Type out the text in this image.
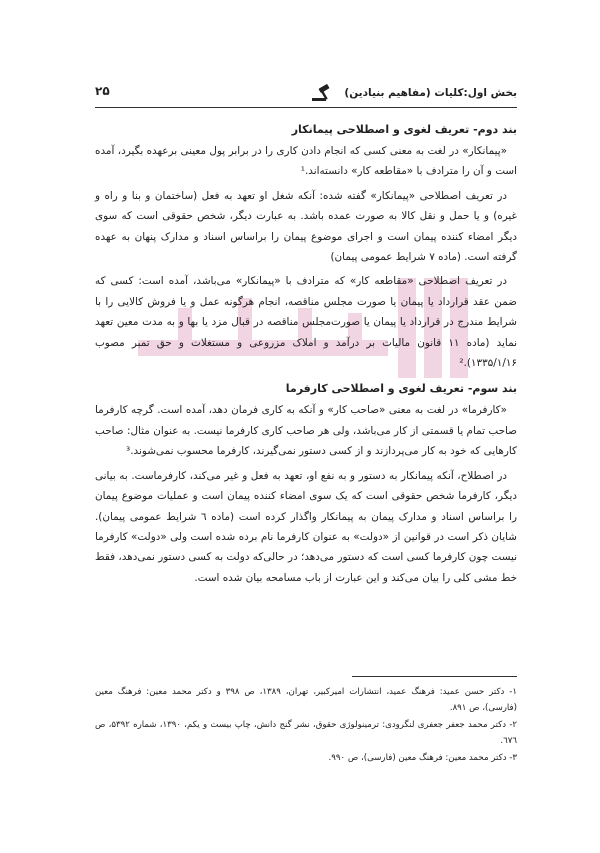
بخش اول:کلیات (مفاهیم بنیادین)
۲۵
بند دوم- تعریف لغوی و اصطلاحی پیمانکار

«پیمانکار» در لغت به معنی کسی که انجام دادن کاری را در برابر پول معینی برعهده بگیرد، آمده است و آن را مترادف با «مقاطعه کار» دانسته‌اند.¹

در تعریف اصطلاحی «پیمانکار» گفته شده: آنکه شغل او تعهد به فعل (ساختمان و بنا و راه و غیره) و یا حمل و نقل کالا به صورت عمده باشد. به عبارت دیگر، شخص حقوقی است که سوی دیگر امضاء کننده پیمان است و اجرای موضوع پیمان را براساس اسناد و مدارک پنهان به عهده گرفته است. (ماده ۷ شرایط عمومی پیمان)

در تعریف اصطلاحی «مقاطعه کار» که مترادف با «پیمانکار» می‌باشد، آمده است: کسی که ضمن عقد قرارداد یا پیمان یا صورت مجلس مناقصه، انجام هرگونه عمل و یا فروش کالایی را با شرایط مندرج در قرارداد یا پیمان یا صورت‌مجلس مناقصه در قبال مزد یا بها و به مدت معین تعهد نماید (ماده ۱۱ قانون مالیات بر درآمد و املاک مزروعی و مستغلات و حق تمبر مصوب ۱۳۳۵/۱/۱۶).²

بند سوم- تعریف لغوی و اصطلاحی کارفرما

«کارفرما» در لغت به معنی «صاحب کار» و آنکه به کاری فرمان دهد، آمده است. گرچه کارفرما صاحب تمام یا قسمتی از کار می‌باشد، ولی هر صاحب کاری کارفرما نیست. به عنوان مثال: صاحب کارهایی که خود به کار می‌پردازند و از کسی دستور نمی‌گیرند، کارفرما محسوب نمی‌شوند.³

در اصطلاح، آنکه پیمانکار به دستور و به نفع او، تعهد به فعل و غیر می‌کند، کارفرماست. به بیانی دیگر، کارفرما شخص حقوقی است که یک سوی امضاء کننده پیمان است و عملیات موضوع پیمان را براساس اسناد و مدارک پیمان به پیمانکار واگذار کرده است (ماده ٦ شرایط عمومی پیمان). شایان ذکر است در قوانین از «دولت» به عنوان کارفرما نام برده شده است ولی «دولت» کارفرما نیست چون کارفرما کسی است که دستور می‌دهد؛ در حالی‌که دولت به کسی دستور نمی‌دهد، فقط خط مشی کلی را بیان می‌کند و این عبارت از باب مسامحه بیان شده است.

۱- دکتر حسن عمید: فرهنگ عمید، انتشارات امیرکبیر، تهران، ۱۳۸۹، ص ۳۹۸ و دکتر محمد معین: فرهنگ معین (فارسی)، ص ۸۹۱.

۲- دکتر محمد جعفر جعفری لنگرودی: ترمینولوژی حقوق، نشر گنج دانش، چاپ بیست و یکم، ۱۳۹۰، شماره ۵۳۹۲، ص ٦٧٦.

۳- دکتر محمد معین: فرهنگ معین (فارسی)، ص ۹۹۰.
